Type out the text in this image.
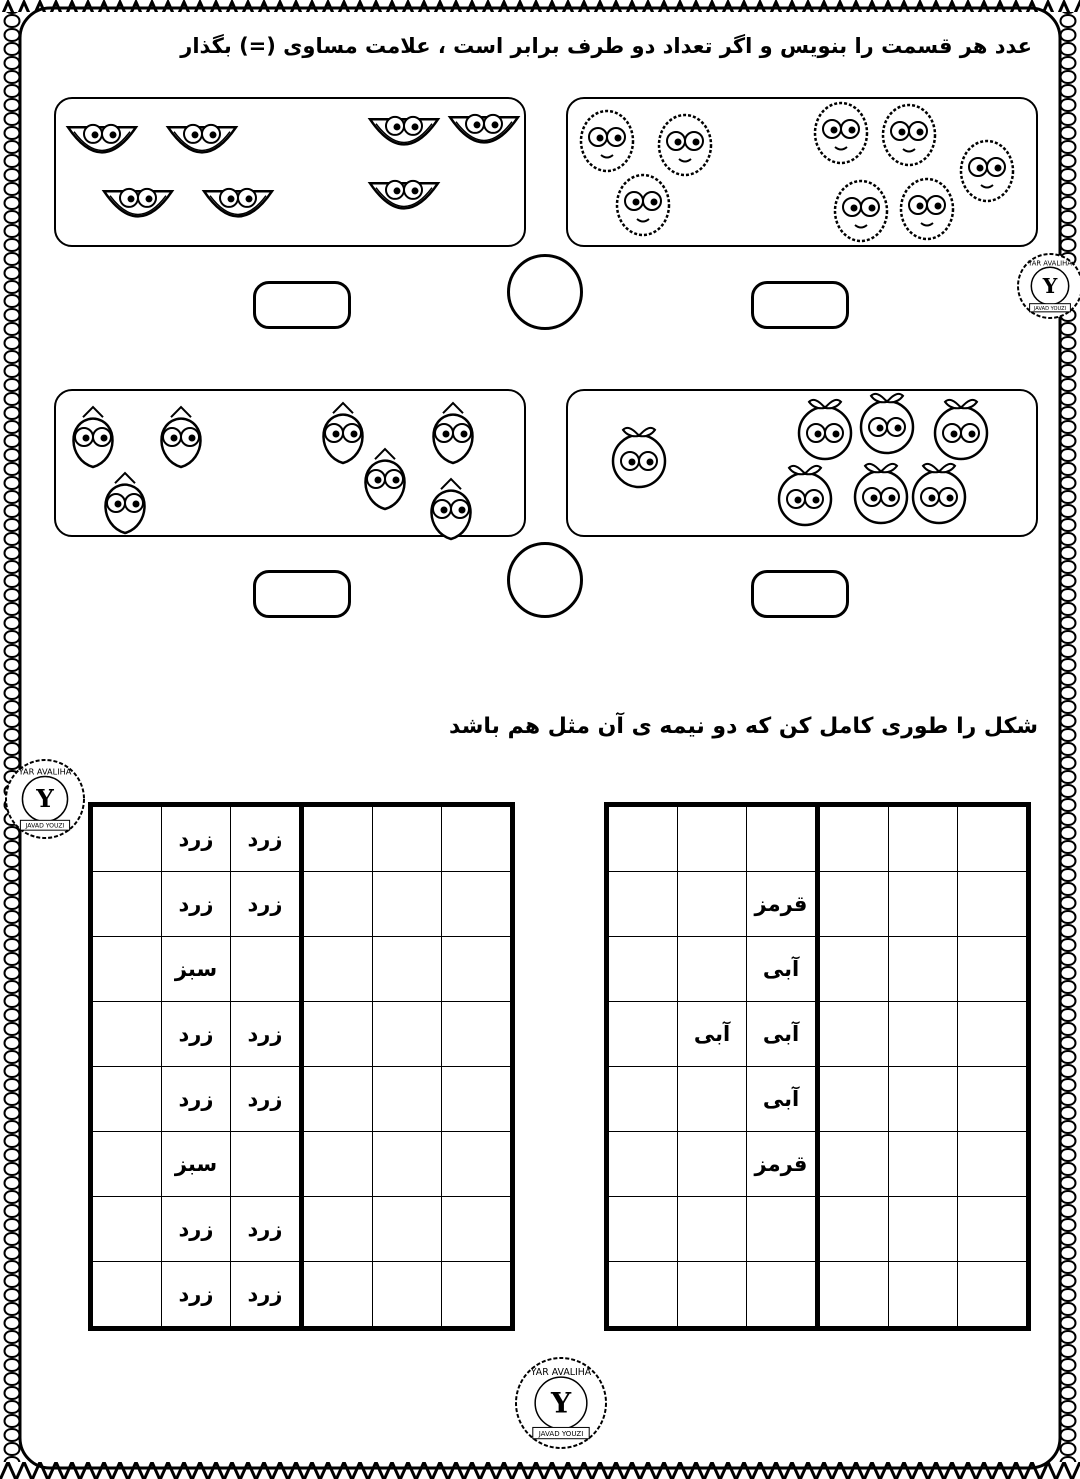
عدد هر قسمت را بنویس و اگر تعداد دو طرف برابر است ، علامت مساوی (=) بگذار
شکل را طوری کامل کن که دو نیمه ی آن مثل هم باشد
	زرد	زرد			
	زرد	زرد			
	سبز				
	زرد	زرد			
	زرد	زرد			
	سبز				
	زرد	زرد			
	زرد	زرد			

		قرمز			
		آبی			
	آبی	آبی			
		آبی			
		قرمز			

Y
YAR AVALIHA
JAVAD YOUZI
Y
YAR AVALIHA
JAVAD YOUZI
Y
YAR AVALIHA
JAVAD YOUZI
